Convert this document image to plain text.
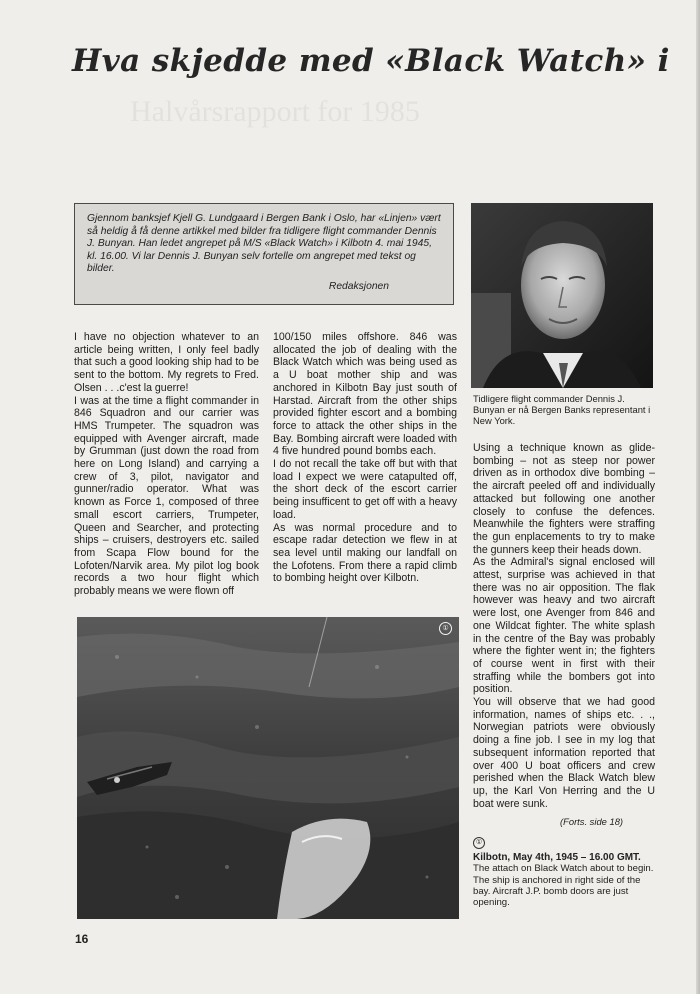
Halvårsrapport for 1985
Hva skjedde med «Black Watch» i

Gjennom banksjef Kjell G. Lundgaard i Bergen Bank i Oslo, har «Linjen» vært så heldig å få denne artikkel med bilder fra tidligere flight commander Dennis J. Bunyan. Han ledet angrepet på M/S «Black Watch» i Kilbotn 4. mai 1945, kl. 16.00. Vi lar Dennis J. Bunyan selv fortelle om angrepet med tekst og bilder.

Redaksjonen

Tidligere flight commander Dennis J. Bunyan er nå Bergen Banks representant i New York.

I have no objection whatever to an article being written, I only feel badly that such a good looking ship had to be sent to the bottom. My regrets to Fred. Olsen . . .c'est la guerre!

I was at the time a flight commander in 846 Squadron and our carrier was HMS Trumpeter. The squadron was equipped with Avenger aircraft, made by Grumman (just down the road from here on Long Island) and carrying a crew of 3, pilot, navigator and gunner/radio operator. What was known as Force 1, composed of three small escort carriers, Trumpeter, Queen and Searcher, and protecting ships – cruisers, destroyers etc. sailed from Scapa Flow bound for the Lofoten/Narvik area. My pilot log book records a two hour flight which probably means we were flown off

100/150 miles offshore. 846 was allocated the job of dealing with the Black Watch which was being used as a U boat mother ship and was anchored in Kilbotn Bay just south of Harstad. Aircraft from the other ships provided fighter escort and a bombing force to attack the other ships in the Bay. Bombing aircraft were loaded with 4 five hundred pound bombs each.

I do not recall the take off but with that load I expect we were catapulted off, the short deck of the escort carrier being insufficent to get off with a heavy load.

As was normal procedure and to escape radar detection we flew in at sea level until making our landfall on the Lofotens. From there a rapid climb to bombing height over Kilbotn.

Using a technique known as glide-bombing – not as steep nor power driven as in orthodox dive bombing – the aircraft peeled off and individually attacked but following one another closely to confuse the defences. Meanwhile the fighters were straffing the gun enplacements to try to make the gunners keep their heads down.

As the Admiral's signal enclosed will attest, surprise was achieved in that there was no air opposition. The flak however was heavy and two aircraft were lost, one Avenger from 846 and one Wildcat fighter. The white splash in the centre of the Bay was probably where the fighter went in; the fighters of course went in first with their straffing while the bombers got into position.

You will observe that we had good information, names of ships etc. . ., Norwegian patriots were obviously doing a fine job. I see in my log that subsequent information reported that over 400 U boat officers and crew perished when the Black Watch blew up, the Karl Von Herring and the U boat were sunk.

(Forts. side 18)
①
①
Kilbotn, May 4th, 1945 – 16.00 GMT.
The attach on Black Watch about to begin. The ship is anchored in right side of the bay. Aircraft J.P. bomb doors are just opening.
16
